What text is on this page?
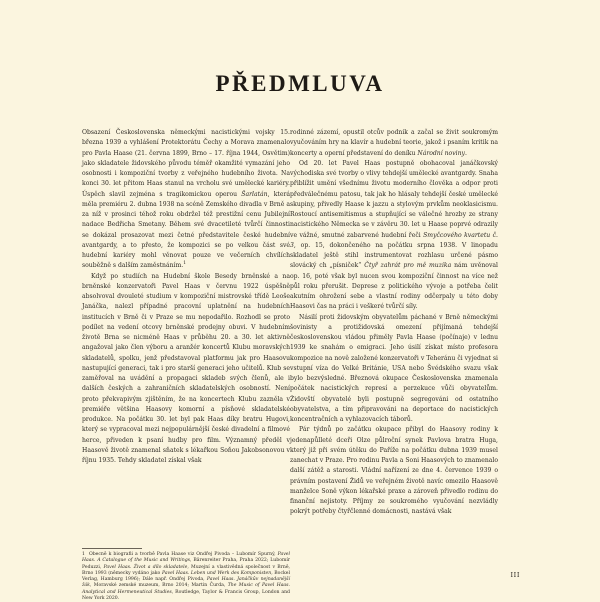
PŘEDMLUVA

Obsazení Československa německými nacistickými vojsky 15. března 1939 a vyhlášení Protektorátu Čechy a Morava znamenalo pro Pavla Haase (21. června 1899, Brno – 17. října 1944, Osvětim) jako skladatele židovského původu téměř okamžité vymazání jeho osobnosti i kompoziční tvorby z veřejného hudebního života. Na konci 30. let přitom Haas stanul na vrcholu své umělecké kariéry. Úspěch slavil zejména s tragikomickou operou Šarlatán, která měla premiéru 2. dubna 1938 na scéně Zemského divadla v Brně a za níž v prosinci téhož roku obdržel též prestižní cenu Jubilejní nadace Bedřicha Smetany. Během své dvacetileté tvůrčí činnosti se dokázal prosazovat mezi četné představitele české hudební avantgardy, a to přesto, že kompozici se po velkou část své hudební kariéry mohl věnovat pouze ve večerních chvílích souběžně s dalším zaměstnáním.$^1$

Když po studiích na Hudební škole Besedy brněnské a na brněnské konzervatoři Pavel Haas v červnu 1922 úspěšně absolvoval dvouleté studium v kompoziční mistrovské třídě Leoše Janáčka, nalezl případné pracovní uplatnění na hudebních institucích v Brně či v Praze se mu nepodařilo. Rozhodl se proto podílet na vedení otcovy brněnské prodejny obuvi. V hudebním životě Brna se nicméně Haas v průběhu 20. a 30. let aktivně angažoval jako člen výboru a aranžér koncertů Klubu moravských skladatelů, spolku, jenž představoval platformu jak pro Haasovu nastupující generaci, tak i pro starší generaci jeho učitelů. Klub se zaměřoval na uvádění a propagaci skladeb svých členů, ale i dalších českých a zahraničních skladatelských osobností. Není proto překvapivým zjištěním, že na koncertech Klubu zazněla v premiéře většina Haasovy komorní a písňové skladatelské produkce. Na počátku 30. let byl pak Haas díky bratru Hugovi, který se vypracoval mezi nejpopulárnější české divadelní a filmové herce, přiveden k psaní hudby pro film. Významný předěl v Haasově životě znamenal sňatek s lékařkou Soňou Jakobsonovou v říjnu 1935. Tehdy skladatel získal však

rodinné zázemí, opustil otcův podnik a začal se živit soukromým vyučováním hry na klavír a hudební teorie, jakož i psaním kritik na koncerty a operní představení do deníku Národní noviny.

Od 20. let Pavel Haas postupně obohacoval janáčkovský východiska své tvorby o vlivy tehdejší umělecké avantgardy. Snaha přiblížit umění všednímu životu moderního člověka a odpor proti předválečnému patosu, tak jak ho hlásaly tehdejší české umělecké skupiny, přivedly Haase k jazzu a stylovým prvkům neoklasicismu. Rostoucí antisemitismus a stupňující se válečné hrozby ze strany nacistického Německa se v závěru 30. let u Haase poprvé odrazily ve vážné, smutné zabarvené hudební řeči Smyčcového kvartetu č. 3, op. 15, dokončeného na počátku srpna 1938. V linopadu skladatel ještě stihl instrumentovat rozhlasu určené pásmo slovácký ch „písniček“ Čtyř zahrát pro mě muzika nám uvěnoval op. 16, poté však byl nucen svou kompoziční činnost na více než půl roku přerušit. Deprese z politického vývoje a potřeba čelit akutním ohrožení sebe a vlastní rodiny odčerpaly u této doby Haasovi čas na práci i veškeré tvůrčí síly.

Násilí proti židovským obyvatelům páchané v Brně německými šovinisty a protižidovská omezení přijímaná tehdejší československou vládou přiměly Pavla Haase (počínaje) v lednu 1939 ke snahám o emigraci. Jeho úsilí získat místo profesora kompozice na nově založené konzervatoři v Teheránu či vyjednat si vstupní víza do Velké Británie, USA nebo Švédského svazu však bylo bezvýsledné. Březnová okupace Československa znamenala počátek nacistických represí a perzekuce vůči obyvatelům. Židovští obyvatelé byli postupně segregováni od ostatního obyvatelstva, a tím připravováni na deportace do nacistických koncentračních a vyhlazovacích táborů.

Pár týdnů po začátku okupace přibyl do Haasovy rodiny k jedenapůlleté dceři Olze půlroční synek Pavlova bratra Huga, který již při svém útěku do Paříže na počátku dubna 1939 musel zanechat v Praze. Pro rodinu Pavla a Soni Haasových to znamenalo další zátěž a starosti. Vládní nařízení ze dne 4. července 1939 o právním postavení Židů ve veřejném životě navíc omezilo Haasově manželce Soně výkon lékařské praxe a zároveň přivedlo rodinu do finanční nejistoty. Příjmy ze soukromého vyučování nezvládly pokrýt potřeby čtyřčlenné domácnosti, nastává však

1 Obecně k biografii a tvorbě Pavla Haase viz Ondřej Pivoda – Lubomír Spurný, Pavel Haas. A Catalogue of the Music and Writings, Bärenreiter Praha, Praha 2022; Lubomír Peduzzi, Pavel Haas. Život a dílo skladatele, Muzejní a vlastivědná společnost v Brně, Brno 1993 (německy vydáno jako Pavel Haas. Leben und Werk des Komponisten, Bockel Verlag, Hamburg 1996); Dále např. Ondřej Pivoda, Pavel Haas. Janáčkův nejnadanější žák, Moravské zemské muzeum, Brno 2014; Martin Čurda, The Music of Pavel Haas. Analytical and Hermeneutical Studies, Routledge, Taylor & Francis Group, London and New York 2020.

III
